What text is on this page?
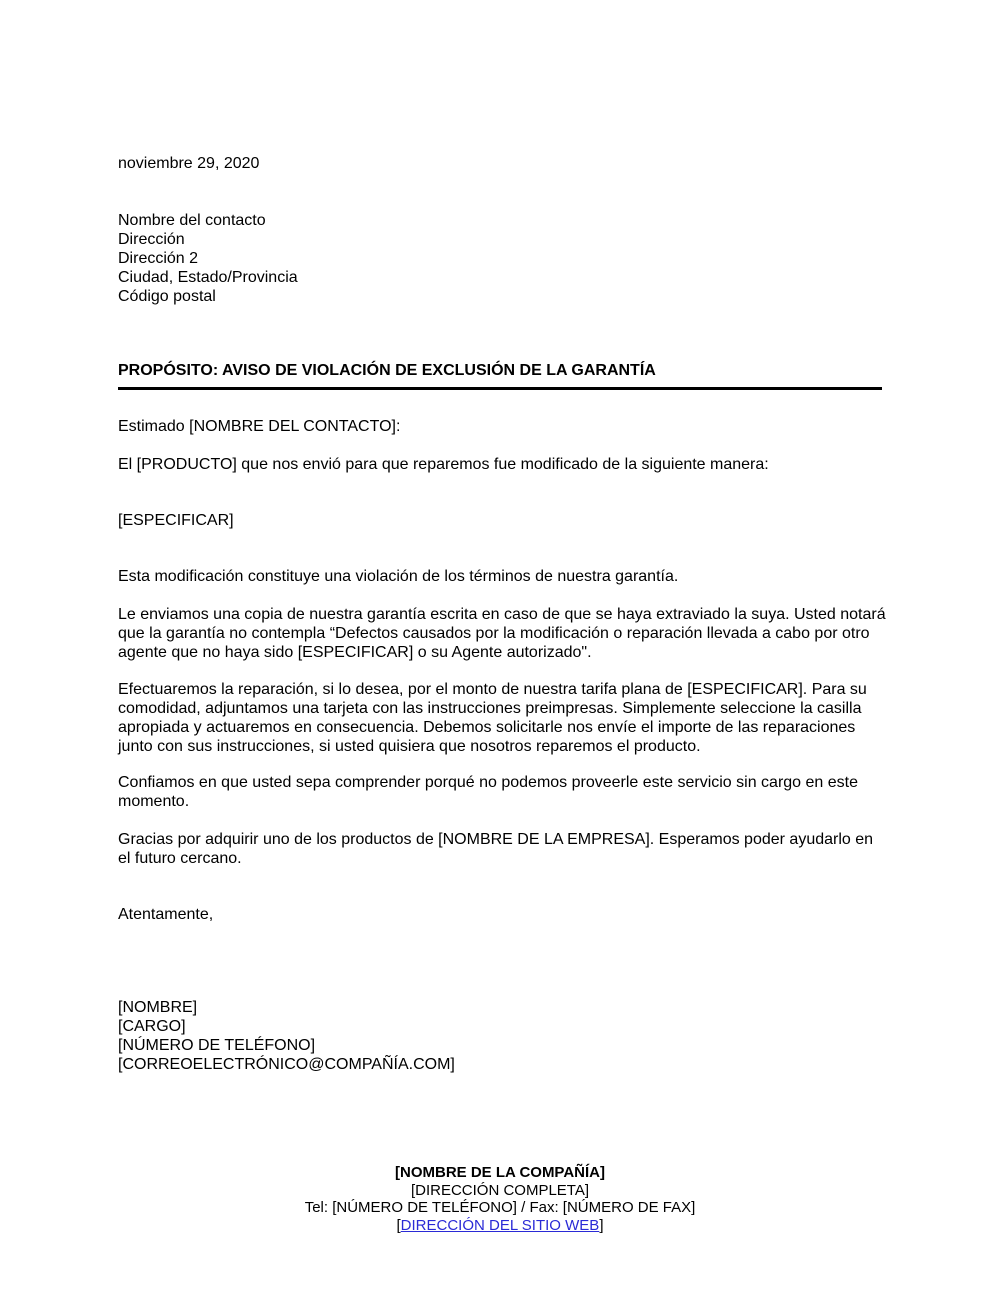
noviembre 29, 2020
Nombre del contacto
Dirección
Dirección 2
Ciudad, Estado/Provincia
Código postal
PROPÓSITO: AVISO DE VIOLACIÓN DE EXCLUSIÓN DE LA GARANTÍA
Estimado [NOMBRE DEL CONTACTO]:

El [PRODUCTO] que nos envió para que reparemos fue modificado de la siguiente manera:

[ESPECIFICAR]

Esta modificación constituye una violación de los términos de nuestra garantía.

Le enviamos una copia de nuestra garantía escrita en caso de que se haya extraviado la suya. Usted notará que la garantía no contempla “Defectos causados por la modificación o reparación llevada a cabo por otro agente que no haya sido [ESPECIFICAR] o su Agente autorizado".

Efectuaremos la reparación, si lo desea, por el monto de nuestra tarifa plana de [ESPECIFICAR]. Para su comodidad, adjuntamos una tarjeta con las instrucciones preimpresas. Simplemente seleccione la casilla apropiada y actuaremos en consecuencia. Debemos solicitarle nos envíe el importe de las reparaciones junto con sus instrucciones, si usted quisiera que nosotros reparemos el producto.

Confiamos en que usted sepa comprender porqué no podemos proveerle este servicio sin cargo en este momento.

Gracias por adquirir uno de los productos de [NOMBRE DE LA EMPRESA]. Esperamos poder ayudarlo en el futuro cercano.

Atentamente,
[NOMBRE]
[CARGO]
[NÚMERO DE TELÉFONO]
[CORREOELECTRÓNICO@COMPAÑÍA.COM]
[NOMBRE DE LA COMPAÑÍA]
[DIRECCIÓN COMPLETA]
Tel: [NÚMERO DE TELÉFONO] / Fax: [NÚMERO DE FAX]
[DIRECCIÓN DEL SITIO WEB]
